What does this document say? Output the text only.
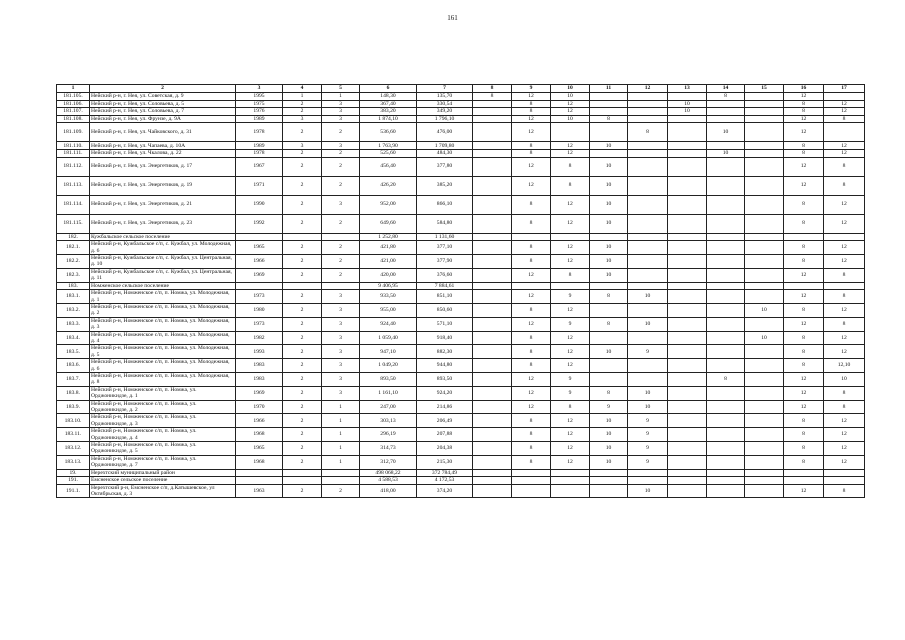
161
1	2	3	4	5	6	7	8	9	10	11	12	13	14	15	16	17
181.105.	Нейский р-н, г. Нея, ул. Советская, д. 9	1995	1	1	148,30	135,70	8	12	10				8		12	
181.106.	Нейский р-н, г. Нея, ул. Соловьева, д. 5	1975	2	3	367,40	330,54		8	12			10			8	12
181.107.	Нейский р-н, г. Нея, ул. Соловьева, д. 7	1976	2	3	383,20	349,20		8	12			10			8	12
181.108.	Нейский р-н, г. Нея, ул. Фрунзе, д. 9А	1989	3	3	1 874,10	1 796,10		12	10	8					12	8
181.109.	Нейский р-н, г. Нея, ул. Чайковского, д. 31	1978	2	2	536,60	476,00		12			8		10		12	
181.110.	Нейский р-н, г. Нея, ул. Чапаева, д. 10А	1989	3	3	1 763,90	1 709,80		8	12	10					8	12
181.111.	Нейский р-н, г. Нея, ул. Чкалова, д. 22	1978	2	2	525,60	484,30		8	12				10		8	12
181.112.	Нейский р-н, г. Нея, ул. Энергетиков, д. 17	1967	2	2	456,40	377,80		12	8	10					12	8
181.113.	Нейский р-н, г. Нея, ул. Энергетиков, д. 19	1971	2	2	426,20	385,20		12	8	10					12	8
181.114.	Нейский р-н, г. Нея, ул. Энергетиков, д. 21	1990	2	3	952,00	866,10		8	12	10					8	12
181.115.	Нейский р-н, г. Нея, ул. Энергетиков, д. 23	1992	2	2	649,60	584,80		8	12	10					8	12
182.	Кужбальское сельское поселение				1 252,80	1 131,60										
182.1.	Нейский р-н, Кужбальское с/п, с. Кужбал, ул. Молодежная, д. 6	1965	2	2	421,80	377,10		8	12	10					8	12
182.2.	Нейский р-н, Кужбальское с/п, с. Кужбал, ул. Центральная, д. 10	1966	2	2	421,00	377,90		8	12	10					8	12
182.3.	Нейский р-н, Кужбальское с/п, с. Кужбал, ул. Центральная, д. 11	1969	2	2	420,00	376,60		12	8	10					12	8
183.	Номженское сельское поселение				9 406,95	7 884,61										
183.1.	Нейский р-н, Номженское с/п, п. Номжа, ул. Молодежная, д. 1	1973	2	3	933,50	851,10		12	9	8	10				12	8
183.2.	Нейский р-н, Номженское с/п, п. Номжа, ул. Молодежная, д. 2	1980	2	3	955,00	850,60		8	12					10	8	12
183.3.	Нейский р-н, Номженское с/п, п. Номжа, ул. Молодежная, д. 3	1973	2	3	924,40	571,10		12	9	8	10				12	8
183.4.	Нейский р-н, Номженское с/п, п. Номжа, ул. Молодежная, д. 4	1982	2	3	1 059,40	918,40		8	12					10	8	12
183.5.	Нейский р-н, Номженское с/п, п. Номжа, ул. Молодежная, д. 5	1993	2	3	947,10	882,30		8	12	10	9				8	12
183.6.	Нейский р-н, Номженское с/п, п. Номжа, ул. Молодежная, д. 6	1983	2	3	1 049,20	944,80		8	12						8	12,10
183.7.	Нейский р-н, Номженское с/п, п. Номжа, ул. Молодежная, д. 8	1983	2	3	893,50	893,50		12	9				8		12	10
183.8.	Нейский р-н, Номженское с/п, п. Номжа, ул. Орджоникидзе, д. 1	1969	2	3	1 161,10	924,20		12	9	8	10				12	8
183.9.	Нейский р-н, Номженское с/п, п. Номжа, ул. Орджоникидзе, д. 2	1970	2	1	247,00	214,86		12	8	9	10				12	8
183.10.	Нейский р-н, Номженское с/п, п. Номжа, ул. Орджоникидзе, д. 3	1966	2	1	303,13	206,49		8	12	10	9				8	12
183.11.	Нейский р-н, Номженское с/п, п. Номжа, ул. Орджоникидзе, д. 4	1968	2	1	296,19	207,88		8	12	10	9				8	12
183.12.	Нейский р-н, Номженское с/п, п. Номжа, ул. Орджоникидзе, д. 5	1965	2	1	314,73	204,38		8	12	10	9				8	12
183.13.	Нейский р-н, Номженское с/п, п. Номжа, ул. Орджоникидзе, д. 7	1968	2	1	312,70	215,30		8	12	10	9				8	12
19.	Нерехтский муниципальный район				498 068,22	372 784,49										
191.	Емсненское сельское поселение				4 588,53	4 172,53										
191.1.	Нерехтский р-н, Емсненское с/п, д.Катышевское, ул Октябрьская, д. 3	1963	2	2	418,00	374,20					10				12	8
